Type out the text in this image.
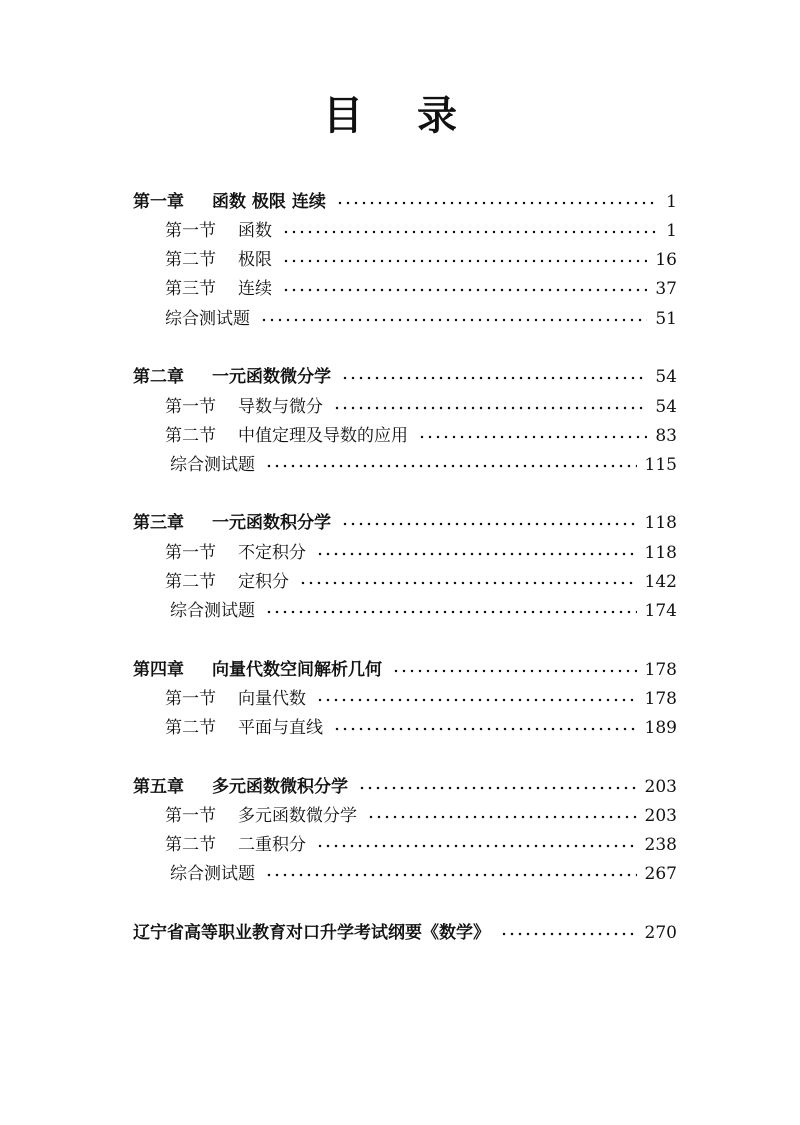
目 录
第一章 函数 极限 连续	1
第一节 函数	1
第二节 极限	16
第三节 连续	37
综合测试题	51
第二章 一元函数微分学	54
第一节 导数与微分	54
第二节 中值定理及导数的应用	83
综合测试题	115
第三章 一元函数积分学	118
第一节 不定积分	118
第二节 定积分	142
综合测试题	174
第四章 向量代数空间解析几何	178
第一节 向量代数	178
第二节 平面与直线	189
第五章 多元函数微积分学	203
第一节 多元函数微分学	203
第二节 二重积分	238
综合测试题	267
辽宁省高等职业教育对口升学考试纲要《数学》	270
